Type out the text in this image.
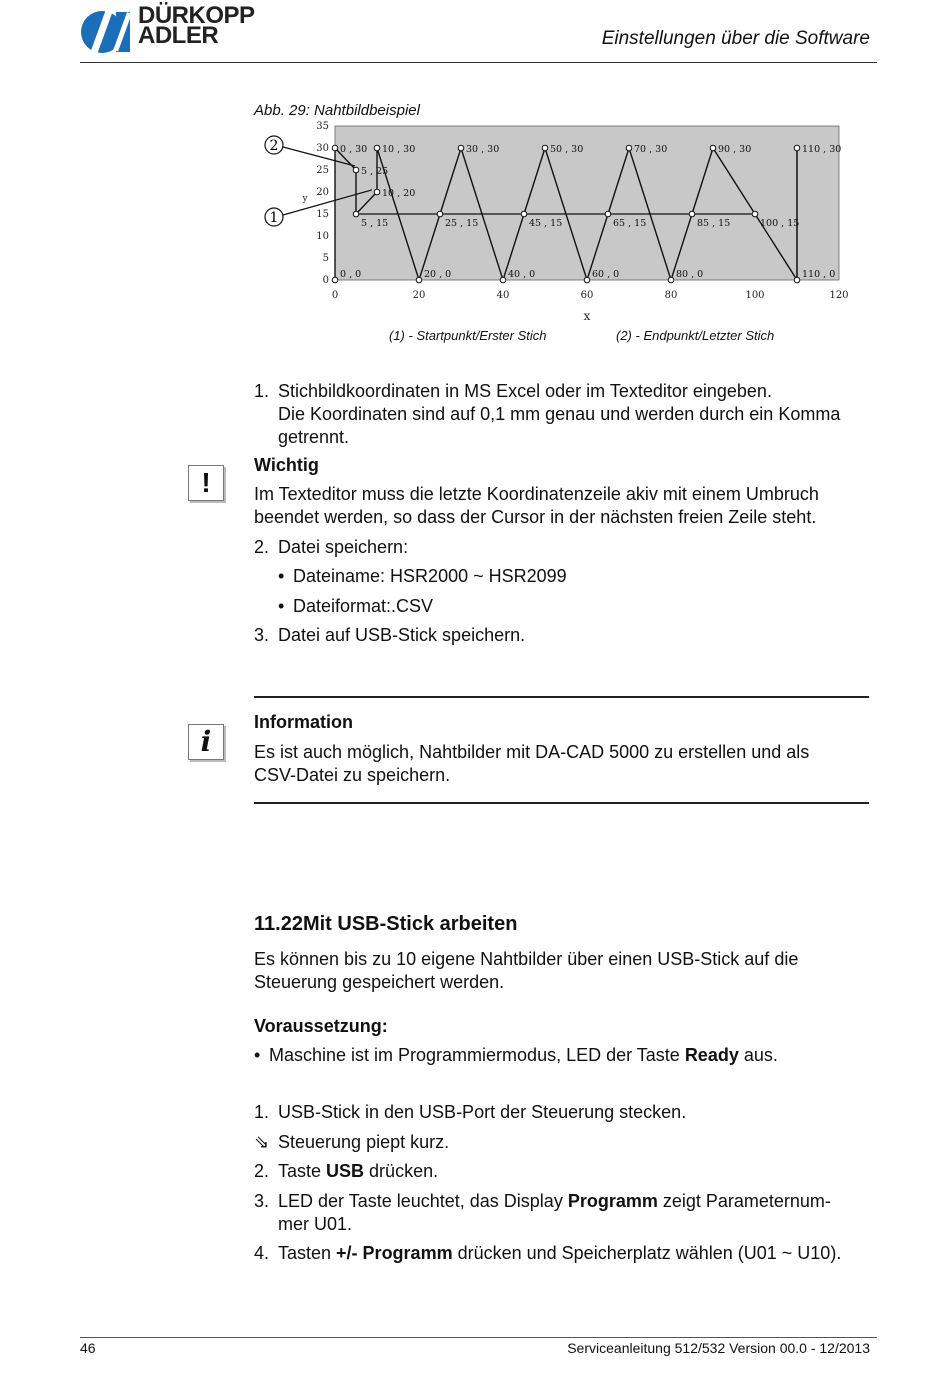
DÜRKOPP
ADLER	Einstellungen über die Software
Abb. 29: Nahtbildbeispiel
0	20	40	60	80	100	120
0
5
10
15
20
25
30
35
x
y
0 , 0
0 , 30
5 , 25
5 , 15
10 , 20
10 , 30
20 , 0
25 , 15
30 , 30
40 , 0
45 , 15
50 , 30
60 , 0
65 , 15
70 , 30
80 , 0
85 , 15
90 , 30
100 , 15
110 , 0
110 , 30
2
1
(1) - Startpunkt/Erster Stich	(2) - Endpunkt/Letzter Stich
1. Stichbildkoordinaten in MS Excel oder im Texteditor eingeben.
Die Koordinaten sind auf 0,1 mm genau und werden durch ein Komma
getrennt.
!
Wichtig
Im Texteditor muss die letzte Koordinatenzeile akiv mit einem Umbruch
beendet werden, so dass der Cursor in der nächsten freien Zeile steht.
2. Datei speichern:
• Dateiname: HSR2000 ~ HSR2099
• Dateiformat:.CSV
3. Datei auf USB-Stick speichern.
i
Information
Es ist auch möglich, Nahtbilder mit DA-CAD 5000 zu erstellen und als
CSV-Datei zu speichern.
11.22Mit USB-Stick arbeiten
Es können bis zu 10 eigene Nahtbilder über einen USB-Stick auf die
Steuerung gespeichert werden.
Voraussetzung:
• Maschine ist im Programmiermodus, LED der Taste Ready aus.
1. USB-Stick in den USB-Port der Steuerung stecken.
⇘ Steuerung piept kurz.
2. Taste USB drücken.
3. LED der Taste leuchtet, das Display Programm zeigt Parameternum-
mer U01.
4. Tasten +/- Programm drücken und Speicherplatz wählen (U01 ~ U10).
46	Serviceanleitung 512/532 Version 00.0 - 12/2013
